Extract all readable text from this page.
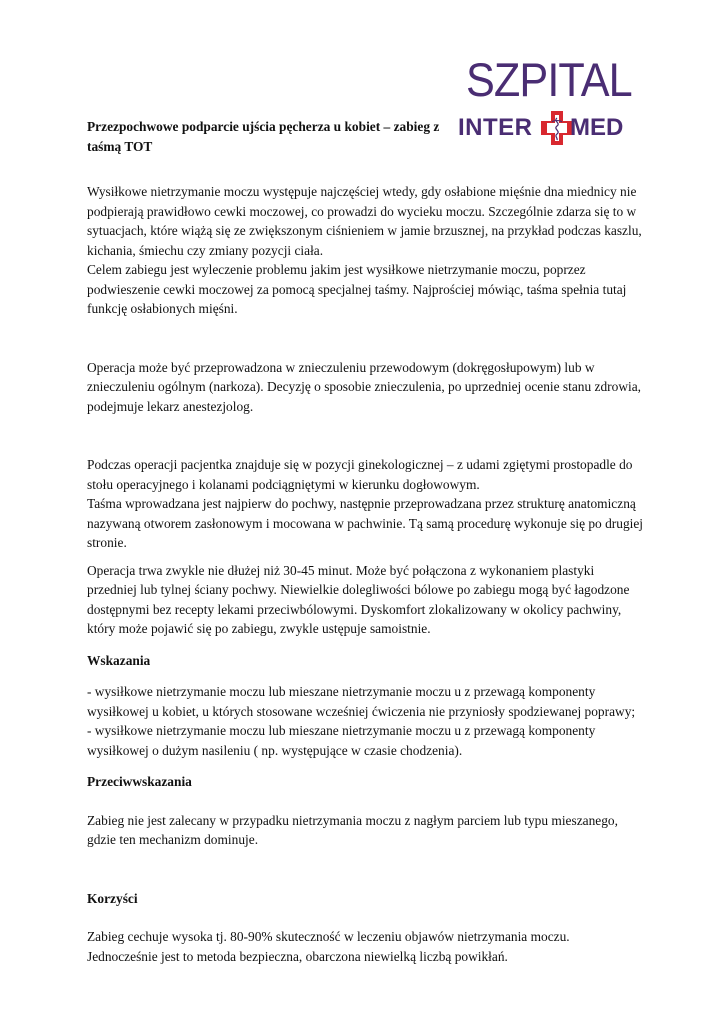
SZPITAL
INTER MED

Przezpochwowe podparcie ujścia pęcherza u kobiet – zabieg z taśmą TOT

Wysiłkowe nietrzymanie moczu występuje najczęściej wtedy, gdy osłabione mięśnie dna miednicy nie podpierają prawidłowo cewki moczowej, co prowadzi do wycieku moczu. Szczególnie zdarza się to w sytuacjach, które wiążą się ze zwiększonym ciśnieniem w jamie brzusznej, na przykład podczas kaszlu, kichania, śmiechu czy zmiany pozycji ciała.

Celem zabiegu jest wyleczenie problemu jakim jest wysiłkowe nietrzymanie moczu, poprzez podwieszenie cewki moczowej za pomocą specjalnej taśmy. Najprościej mówiąc, taśma spełnia tutaj funkcję osłabionych mięśni.

Operacja może być przeprowadzona w znieczuleniu przewodowym (dokręgosłupowym) lub w znieczuleniu ogólnym (narkoza). Decyzję o sposobie znieczulenia, po uprzedniej ocenie stanu zdrowia, podejmuje lekarz anestezjolog.

Podczas operacji pacjentka znajduje się w pozycji ginekologicznej – z udami zgiętymi prostopadle do stołu operacyjnego i kolanami podciągniętymi w kierunku dogłowowym.

Taśma wprowadzana jest najpierw do pochwy, następnie przeprowadzana przez strukturę anatomiczną nazywaną otworem zasłonowym i mocowana w pachwinie. Tą samą procedurę wykonuje się po drugiej stronie.

Operacja trwa zwykle nie dłużej niż 30-45 minut. Może być połączona z wykonaniem plastyki przedniej lub tylnej ściany pochwy. Niewielkie dolegliwości bólowe po zabiegu mogą być łagodzone dostępnymi bez recepty lekami przeciwbólowymi. Dyskomfort zlokalizowany w okolicy pachwiny, który może pojawić się po zabiegu, zwykle ustępuje samoistnie.

Wskazania

- wysiłkowe nietrzymanie moczu lub mieszane nietrzymanie moczu u z przewagą komponenty wysiłkowej u kobiet, u których stosowane wcześniej ćwiczenia nie przyniosły spodziewanej poprawy;

- wysiłkowe nietrzymanie moczu lub mieszane nietrzymanie moczu u z przewagą komponenty wysiłkowej o dużym nasileniu ( np. występujące w czasie chodzenia).

Przeciwwskazania

Zabieg nie jest zalecany w przypadku nietrzymania moczu z nagłym parciem lub typu mieszanego, gdzie ten mechanizm dominuje.

Korzyści

Zabieg cechuje wysoka tj. 80-90% skuteczność w leczeniu objawów nietrzymania moczu.

Jednocześnie jest to metoda bezpieczna, obarczona niewielką liczbą powikłań.
